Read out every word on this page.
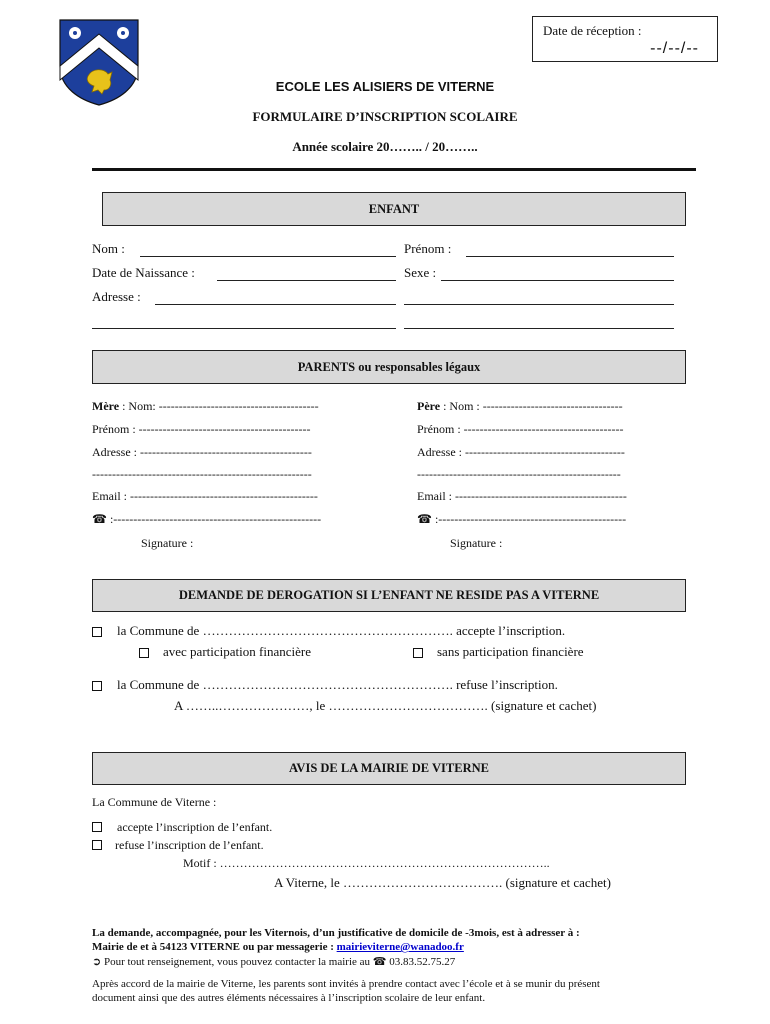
Date de réception :
--/--/--
ECOLE LES ALISIERS DE VITERNE
FORMULAIRE D’INSCRIPTION SCOLAIRE
Année scolaire 20…….. / 20……..
ENFANT
Nom :	Prénom :
Date de Naissance :	Sexe :
Adresse :
PARENTS ou responsables légaux
Mère : Nom: ----------------------------------------	Père : Nom : -----------------------------------
Prénom : -------------------------------------------	Prénom : ----------------------------------------
Adresse : -------------------------------------------	Adresse : ----------------------------------------
-------------------------------------------------------	---------------------------------------------------
Email : -----------------------------------------------	Email : -------------------------------------------
☎ :----------------------------------------------------	☎ :-----------------------------------------------
Signature :	Signature :
DEMANDE DE DEROGATION SI L’ENFANT NE RESIDE PAS A VITERNE
la Commune de …………………………………………………. accepte l’inscription.
avec participation financière	sans participation financière
la Commune de …………………………………………………. refuse l’inscription.
A ……..…………………, le ………………………………. (signature et cachet)
AVIS DE LA MAIRIE DE VITERNE
La Commune de Viterne :
accepte l’inscription de l’enfant.
refuse l’inscription de l’enfant.
Motif : ………………………………………………………………………..
A Viterne, le ………………………………. (signature et cachet)
La demande, accompagnée, pour les Viternois, d’un justificative de domicile de -3mois, est à adresser à :
Mairie de et à 54123 VITERNE ou par messagerie : mairieviterne@wanadoo.fr
➲ Pour tout renseignement, vous pouvez contacter la mairie au ☎ 03.83.52.75.27
Après accord de la mairie de Viterne, les parents sont invités à prendre contact avec l’école et à se munir du présent
document ainsi que des autres éléments nécessaires à l’inscription scolaire de leur enfant.
